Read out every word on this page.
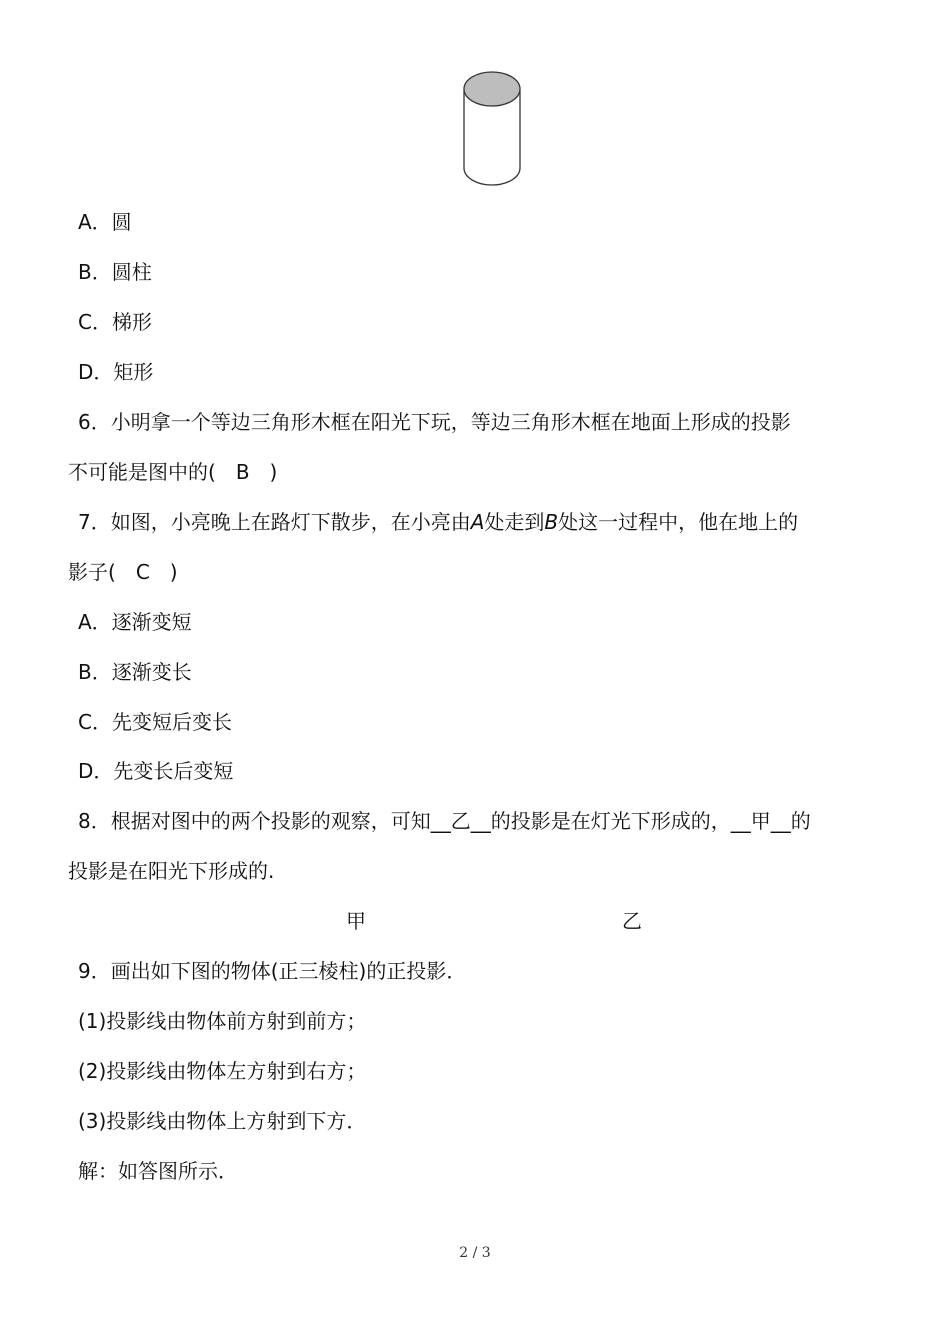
A．圆
B．圆柱
C．梯形
D．矩形
6．小明拿一个等边三角形木框在阳光下玩，等边三角形木框在地面上形成的投影
不可能是图中的(　B　)
7．如图，小亮晚上在路灯下散步，在小亮由A处走到B处这一过程中，他在地上的
影子(　C　)
A．逐渐变短
B．逐渐变长
C．先变短后变长
D．先变长后变短
8．根据对图中的两个投影的观察，可知__乙__的投影是在灯光下形成的，__甲__的
投影是在阳光下形成的.
甲	乙
9．画出如下图的物体(正三棱柱)的正投影．
(1)投影线由物体前方射到前方；
(2)投影线由物体左方射到右方；
(3)投影线由物体上方射到下方．
解：如答图所示．
2 / 3
